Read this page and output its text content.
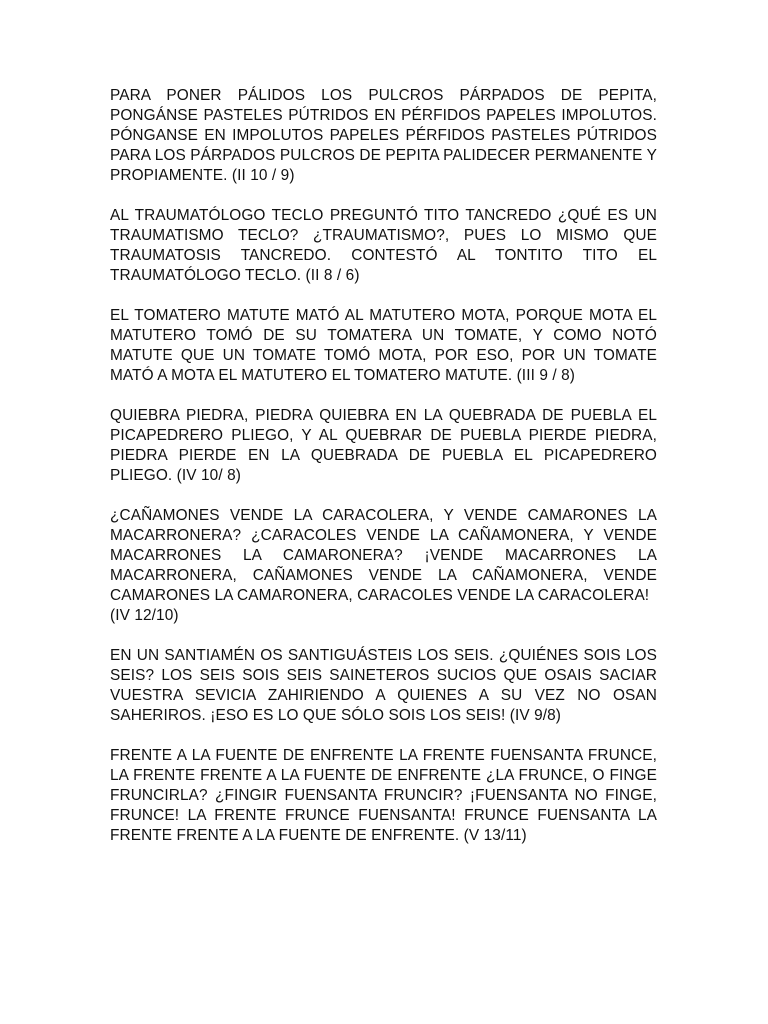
PARA PONER PÁLIDOS LOS PULCROS PÁRPADOS DE PEPITA, PONGÁNSE PASTELES PÚTRIDOS EN PÉRFIDOS PAPELES IMPOLUTOS. PÓNGANSE EN IMPOLUTOS PAPELES PÉRFIDOS PASTELES PÚTRIDOS PARA LOS PÁRPADOS PULCROS DE PEPITA PALIDECER PERMANENTE Y PROPIAMENTE. (II 10 / 9)

AL TRAUMATÓLOGO TECLO PREGUNTÓ TITO TANCREDO ¿QUÉ ES UN TRAUMATISMO TECLO? ¿TRAUMATISMO?, PUES LO MISMO QUE TRAUMATOSIS TANCREDO. CONTESTÓ AL TONTITO TITO EL TRAUMATÓLOGO TECLO. (II 8 / 6)

EL TOMATERO MATUTE MATÓ AL MATUTERO MOTA, PORQUE MOTA EL MATUTERO TOMÓ DE SU TOMATERA UN TOMATE, Y COMO NOTÓ MATUTE QUE UN TOMATE TOMÓ MOTA, POR ESO, POR UN TOMATE MATÓ A MOTA EL MATUTERO EL TOMATERO MATUTE. (III 9 / 8)

QUIEBRA PIEDRA, PIEDRA QUIEBRA EN LA QUEBRADA DE PUEBLA EL PICAPEDRERO PLIEGO, Y AL QUEBRAR DE PUEBLA PIERDE PIEDRA, PIEDRA PIERDE EN LA QUEBRADA DE PUEBLA EL PICAPEDRERO PLIEGO. (IV 10/ 8)

¿CAÑAMONES VENDE LA CARACOLERA, Y VENDE CAMARONES LA MACARRONERA? ¿CARACOLES VENDE LA CAÑAMONERA, Y VENDE MACARRONES LA CAMARONERA? ¡VENDE MACARRONES LA MACARRONERA, CAÑAMONES VENDE LA CAÑAMONERA, VENDE CAMARONES LA CAMARONERA, CARACOLES VENDE LA CARACOLERA!
(IV 12/10)

EN UN SANTIAMÉN OS SANTIGUÁSTEIS LOS SEIS. ¿QUIÉNES SOIS LOS SEIS? LOS SEIS SOIS SEIS SAINETEROS SUCIOS QUE OSAIS SACIAR VUESTRA SEVICIA ZAHIRIENDO A QUIENES A SU VEZ NO OSAN SAHERIROS. ¡ESO ES LO QUE SÓLO SOIS LOS SEIS! (IV 9/8)

FRENTE A LA FUENTE DE ENFRENTE LA FRENTE FUENSANTA FRUNCE, LA FRENTE FRENTE A LA FUENTE DE ENFRENTE ¿LA FRUNCE, O FINGE FRUNCIRLA? ¿FINGIR FUENSANTA FRUNCIR? ¡FUENSANTA NO FINGE, FRUNCE! LA FRENTE FRUNCE FUENSANTA! FRUNCE FUENSANTA LA FRENTE FRENTE A LA FUENTE DE ENFRENTE. (V 13/11)
